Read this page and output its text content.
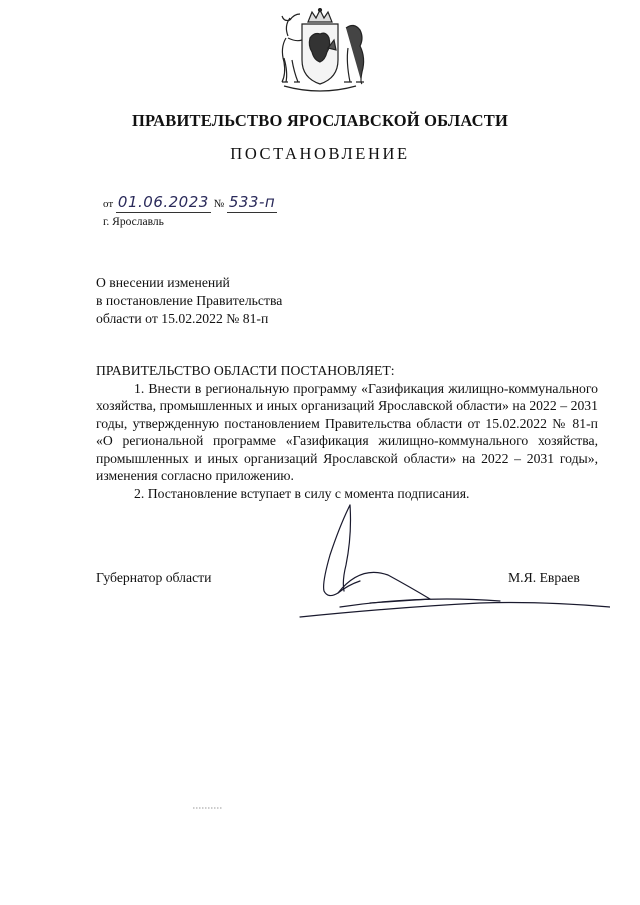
ПРАВИТЕЛЬСТВО ЯРОСЛАВСКОЙ ОБЛАСТИ
ПОСТАНОВЛЕНИЕ
от 01.06.2023 № 533-п
г. Ярославль
О внесении изменений
в постановление Правительства
области от 15.02.2022 № 81-п

ПРАВИТЕЛЬСТВО ОБЛАСТИ ПОСТАНОВЛЯЕТ:

1. Внести в региональную программу «Газификация жилищно-коммунального хозяйства, промышленных и иных организаций Ярославской области» на 2022 – 2031 годы, утвержденную постановлением Правительства области от 15.02.2022 № 81-п «О региональной программе «Газификация жилищно-коммунального хозяйства, промышленных и иных организаций Ярославской области» на 2022 – 2031 годы», изменения согласно приложению.

2. Постановление вступает в силу с момента подписания.

Губернатор области	М.Я. Евраев
